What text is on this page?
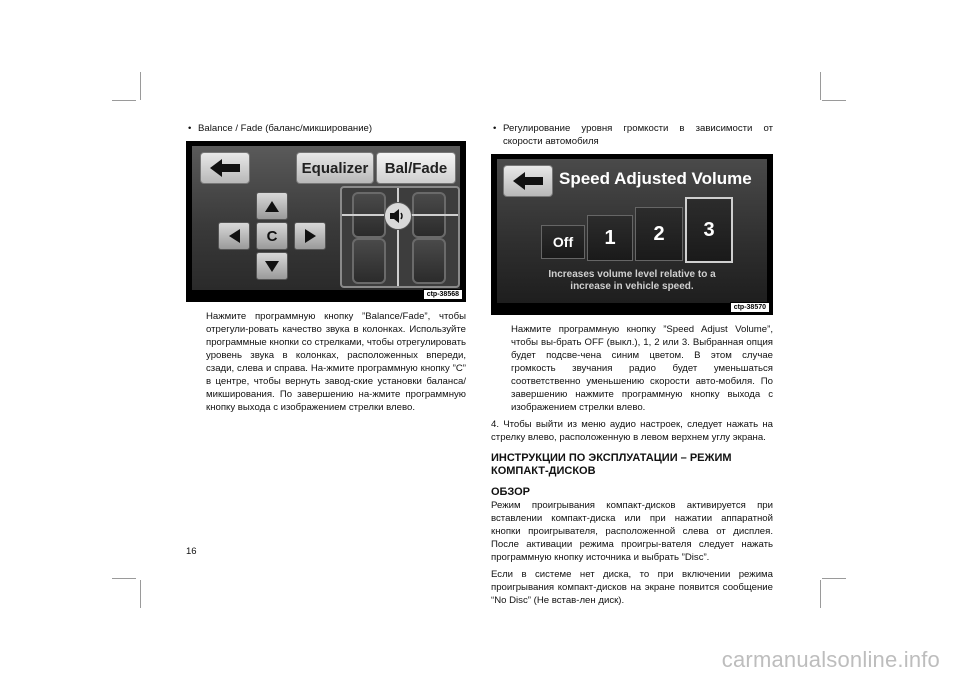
• Balance / Fade (баланс/микширование)
Equalizer Bal/Fade
C
ctp-38568
Нажмите программную кнопку ”Balance/Fade”, чтобы отрегули-ровать качество звука в колонках. Используйте программные кнопки со стрелками, чтобы отрегулировать уровень звука в колонках, расположенных впереди, сзади, слева и справа. На-жмите программную кнопку ”C” в центре, чтобы вернуть завод-ские установки баланса/микширования. По завершению на-жмите программную кнопку выхода с изображением стрелки влево.
• Регулирование уровня громкости в зависимости от скорости автомобиля
Speed Adjusted Volume
Off 1 2 3
Increases volume level relative to a
increase in vehicle speed.
ctp-38570
Нажмите программную кнопку ”Speed Adjust Volume”, чтобы вы-брать OFF (выкл.), 1, 2 или 3. Выбранная опция будет подсве-чена синим цветом. В этом случае громкость звучания радио будет уменьшаться соответственно уменьшению скорости авто-мобиля. По завершению нажмите программную кнопку выхода с изображением стрелки влево.
4. Чтобы выйти из меню аудио настроек, следует нажать на стрелку влево, расположенную в левом верхнем углу экрана.
ИНСТРУКЦИИ ПО ЭКСПЛУАТАЦИИ – РЕЖИМ КОМПАКТ-ДИСКОВ
ОБЗОР
Режим проигрывания компакт-дисков активируется при вставлении компакт-диска или при нажатии аппаратной кнопки проигрывателя, расположенной слева от дисплея. После активации режима проигры-вателя следует нажать программную кнопку источника и выбрать ”Disc”.
Если в системе нет диска, то при включении режима проигрывания компакт-дисков на экране появится сообщение “No Disc” (Не встав-лен диск).
16
carmanualsonline.info
